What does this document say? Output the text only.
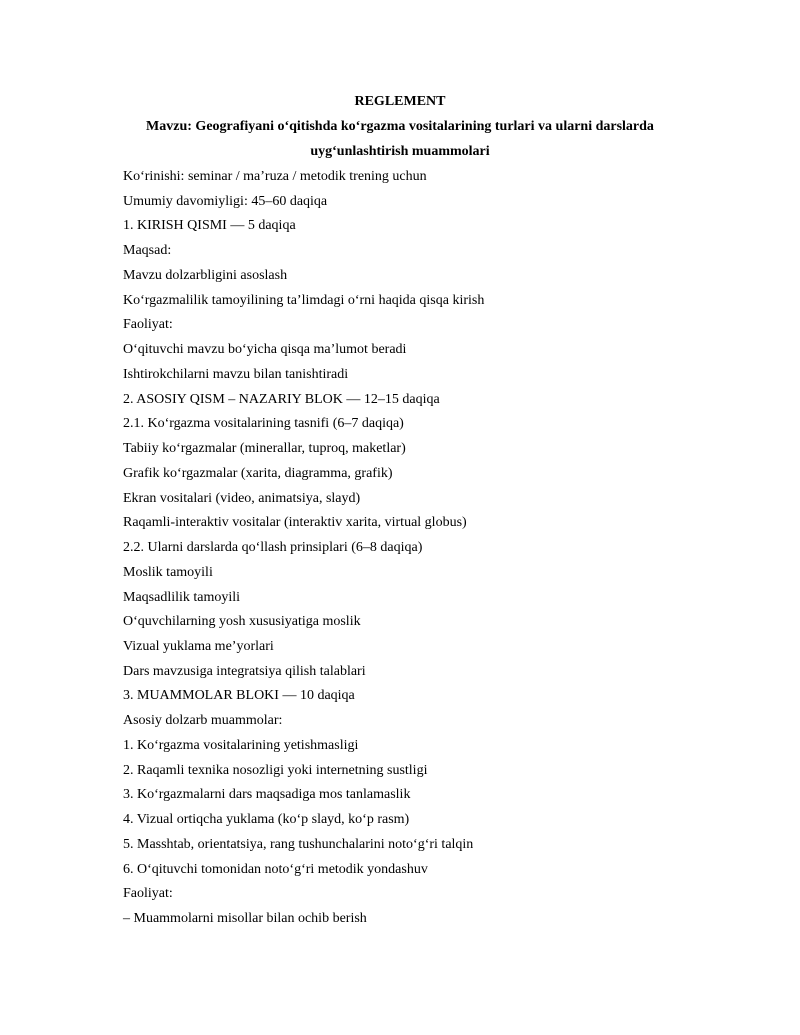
REGLEMENT

Mavzu: Geografiyani o‘qitishda ko‘rgazma vositalarining turlari va ularni darslarda

uyg‘unlashtirish muammolari

Ko‘rinishi: seminar / ma’ruza / metodik trening uchun

Umumiy davomiyligi: 45–60 daqiqa

1. KIRISH QISMI — 5 daqiqa

Maqsad:

Mavzu dolzarbligini asoslash

Ko‘rgazmalilik tamoyilining ta’limdagi o‘rni haqida qisqa kirish

Faoliyat:

O‘qituvchi mavzu bo‘yicha qisqa ma’lumot beradi

Ishtirokchilarni mavzu bilan tanishtiradi

2. ASOSIY QISM – NAZARIY BLOK — 12–15 daqiqa

2.1. Ko‘rgazma vositalarining tasnifi (6–7 daqiqa)

Tabiiy ko‘rgazmalar (minerallar, tuproq, maketlar)

Grafik ko‘rgazmalar (xarita, diagramma, grafik)

Ekran vositalari (video, animatsiya, slayd)

Raqamli-interaktiv vositalar (interaktiv xarita, virtual globus)

2.2. Ularni darslarda qo‘llash prinsiplari (6–8 daqiqa)

Moslik tamoyili

Maqsadlilik tamoyili

O‘quvchilarning yosh xususiyatiga moslik

Vizual yuklama me’yorlari

Dars mavzusiga integratsiya qilish talablari

3. MUAMMOLAR BLOKI — 10 daqiqa

Asosiy dolzarb muammolar:

1. Ko‘rgazma vositalarining yetishmasligi

2. Raqamli texnika nosozligi yoki internetning sustligi

3. Ko‘rgazmalarni dars maqsadiga mos tanlamaslik

4. Vizual ortiqcha yuklama (ko‘p slayd, ko‘p rasm)

5. Masshtab, orientatsiya, rang tushunchalarini noto‘g‘ri talqin

6. O‘qituvchi tomonidan noto‘g‘ri metodik yondashuv

Faoliyat:

– Muammolarni misollar bilan ochib berish
